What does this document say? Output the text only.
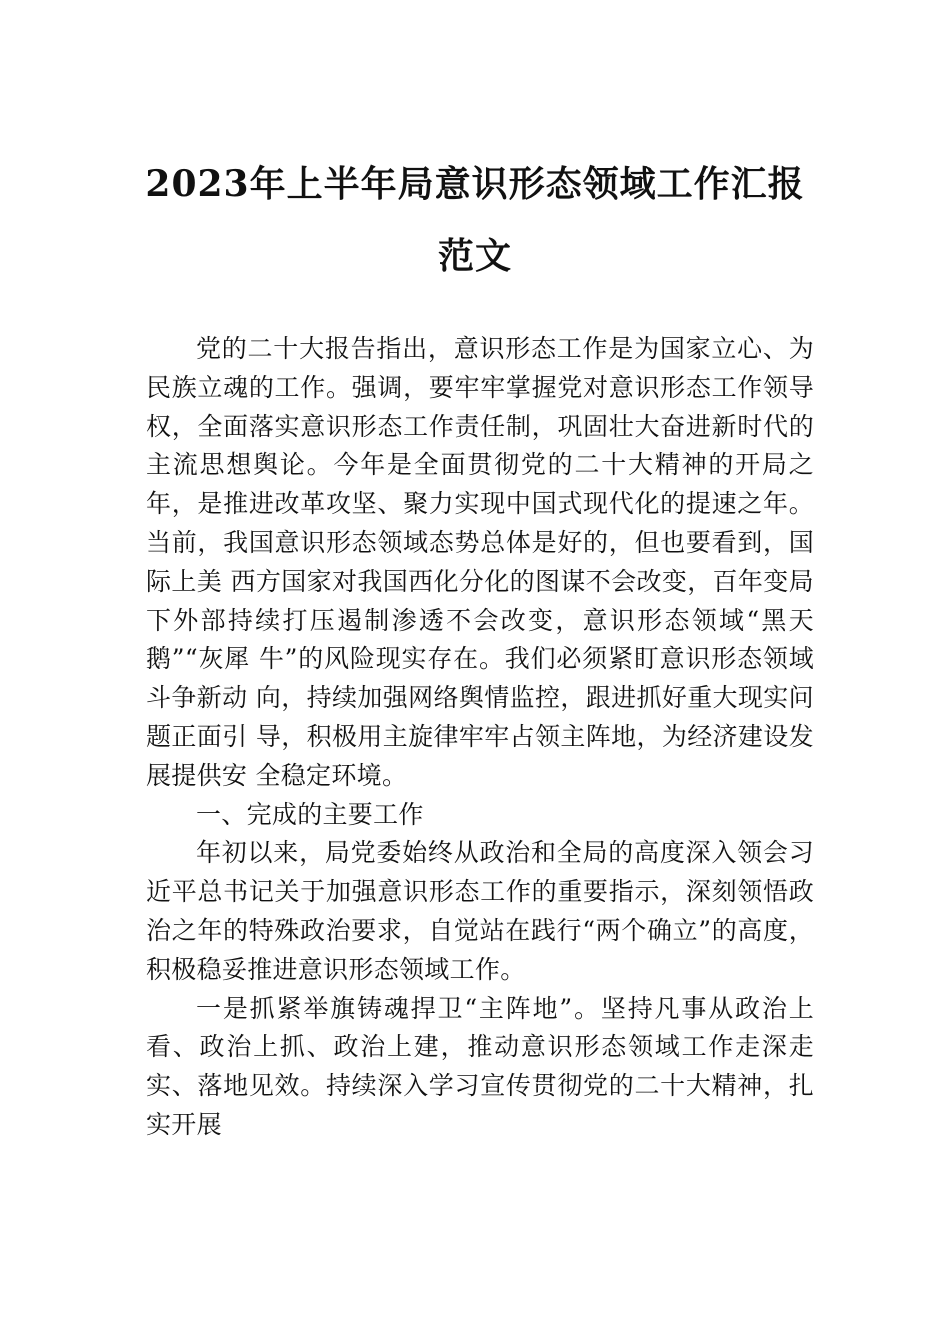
2023年上半年局意识形态领域工作汇报范文

党的二十大报告指出，意识形态工作是为国家立心、为民族立魂的工作。强调，要牢牢掌握党对意识形态工作领导权，全面落实意识形态工作责任制，巩固壮大奋进新时代的主流思想舆论。今年是全面贯彻党的二十大精神的开局之年，是推进改革攻坚、聚力实现中国式现代化的提速之年。当前，我国意识形态领域态势总体是好的，但也要看到，国际上美 西方国家对我国西化分化的图谋不会改变，百年变局下外部持续打压遏制渗透不会改变，意识形态领域“黑天鹅”“灰犀 牛”的风险现实存在。我们必须紧盯意识形态领域斗争新动 向，持续加强网络舆情监控，跟进抓好重大现实问题正面引 导，积极用主旋律牢牢占领主阵地，为经济建设发展提供安 全稳定环境。

一、完成的主要工作

年初以来，局党委始终从政治和全局的高度深入领会习近平总书记关于加强意识形态工作的重要指示，深刻领悟政治之年的特殊政治要求，自觉站在践行“两个确立”的高度，积极稳妥推进意识形态领域工作。

一是抓紧举旗铸魂捍卫“主阵地”。坚持凡事从政治上看、政治上抓、政治上建，推动意识形态领域工作走深走实、落地见效。持续深入学习宣传贯彻党的二十大精神，扎实开展
